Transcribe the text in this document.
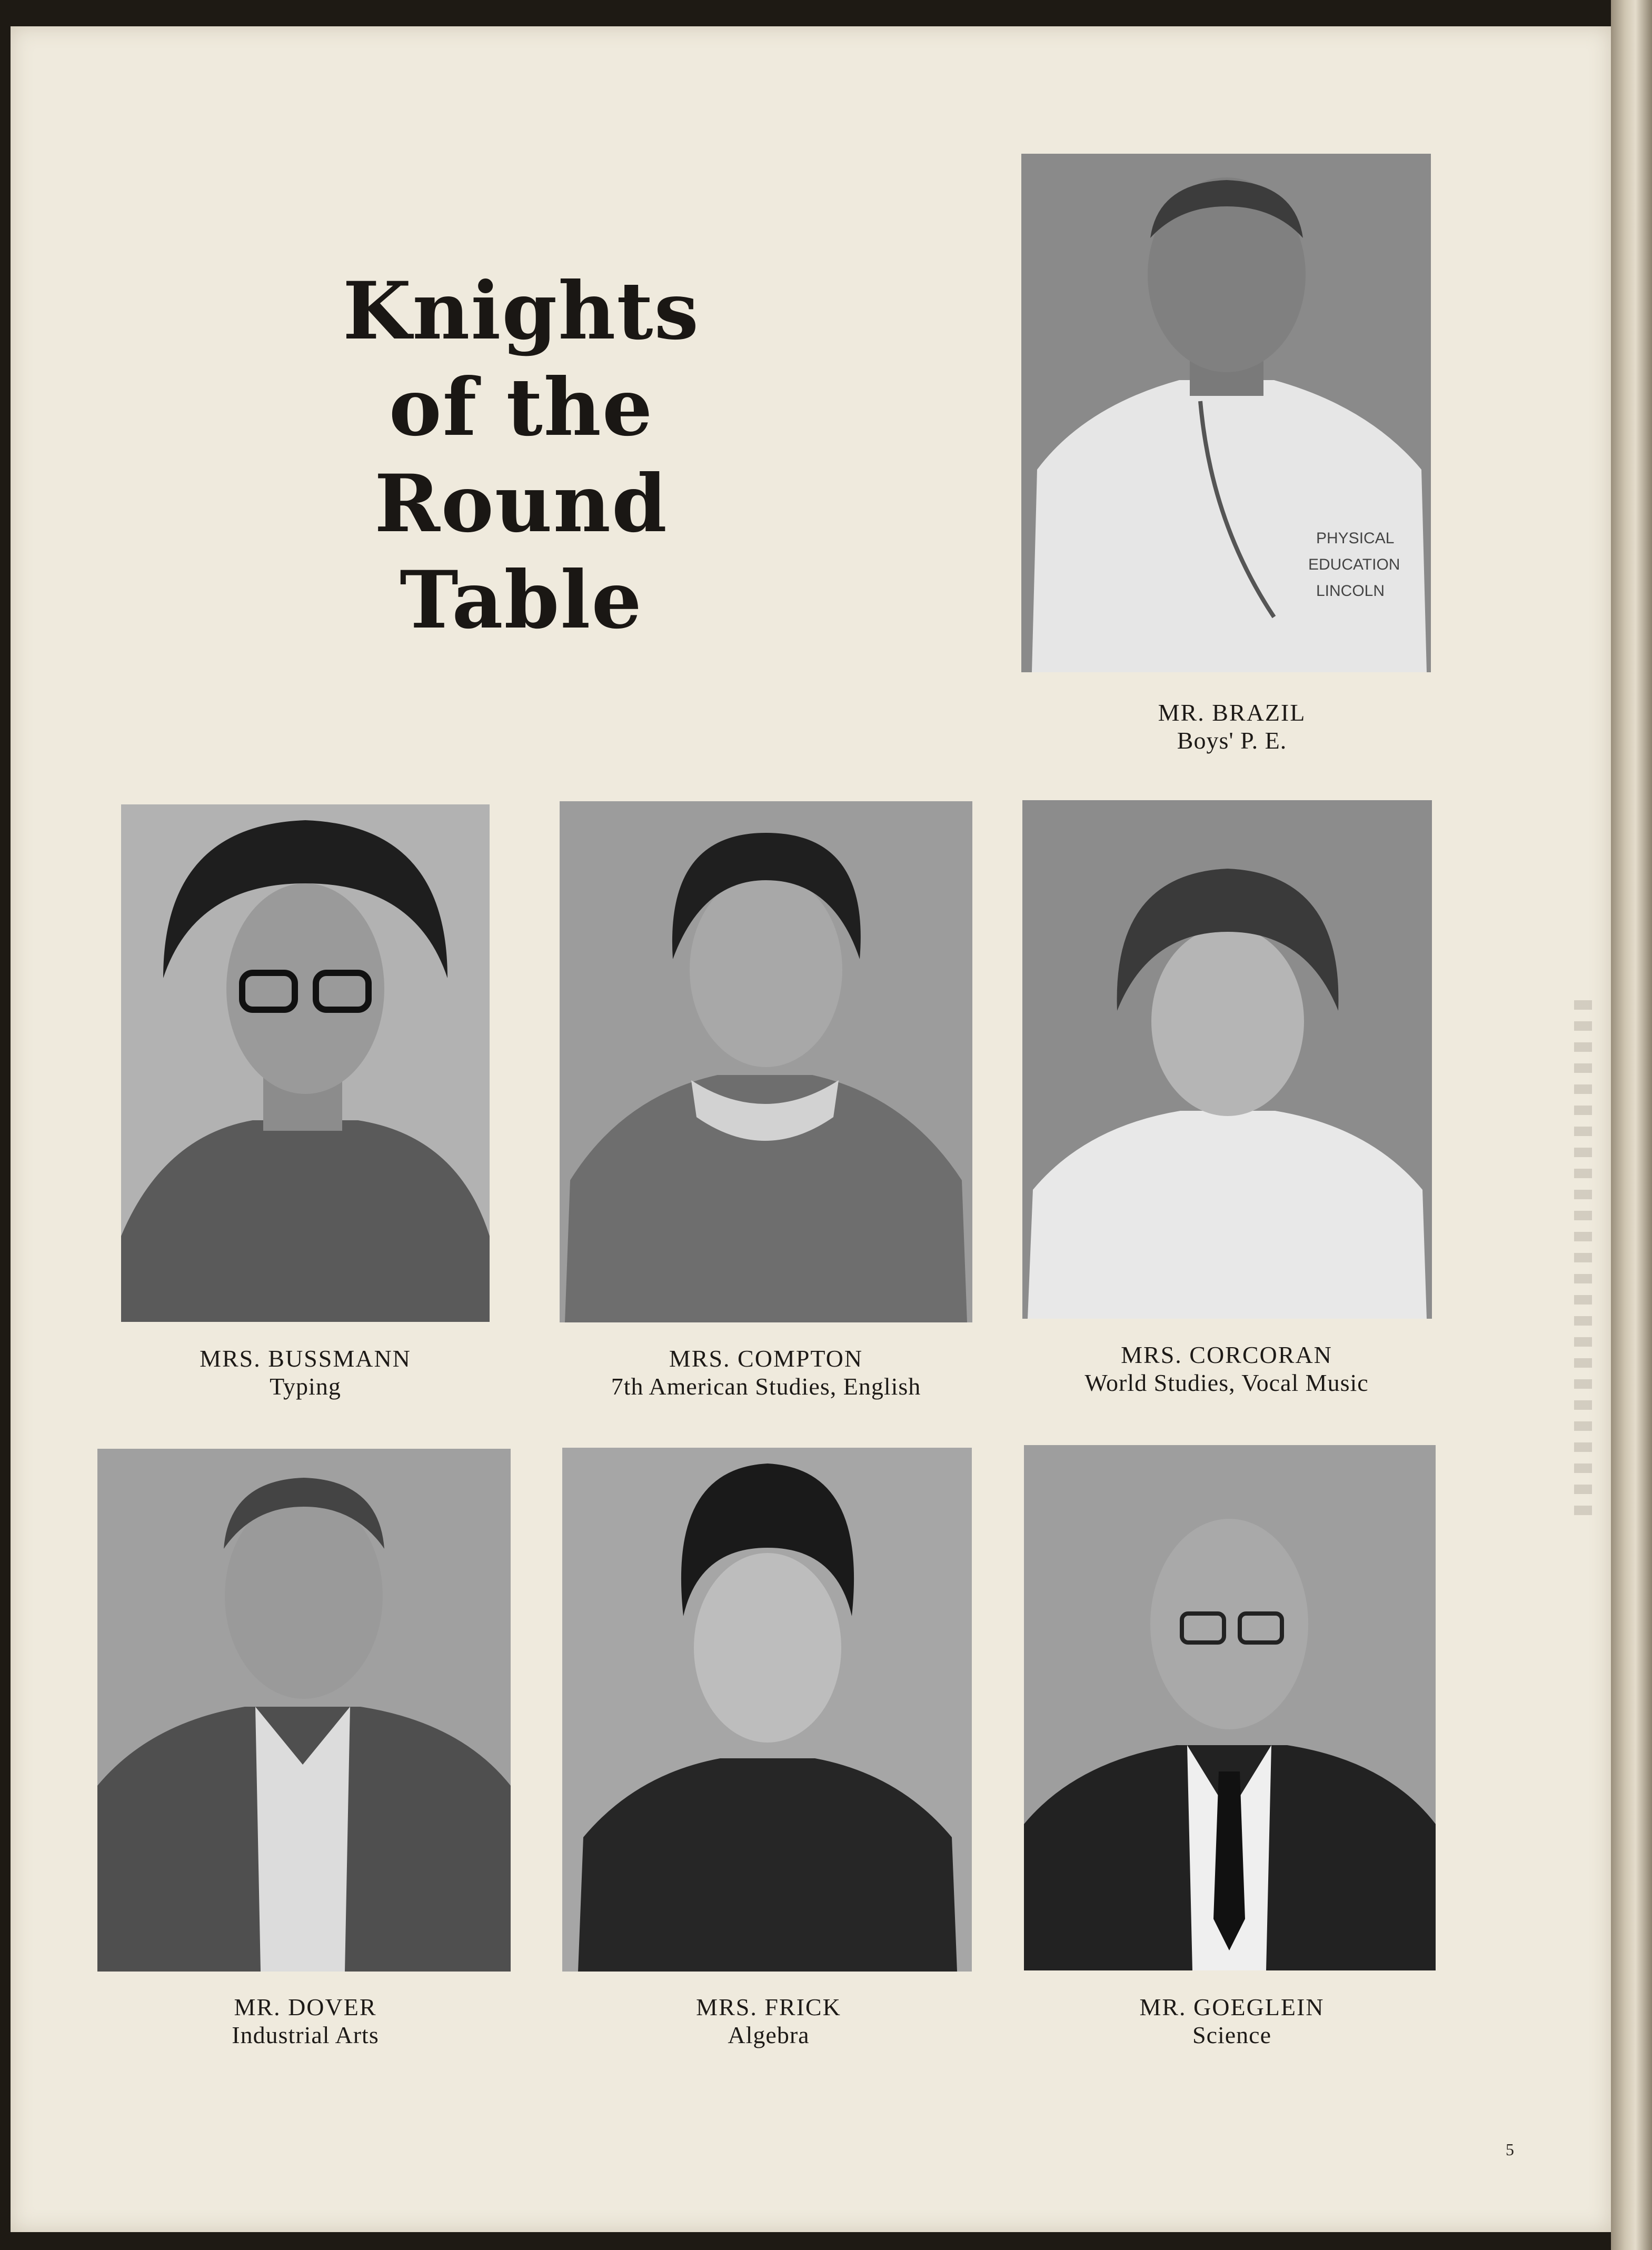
Knights
of the
Round Table
PHYSICAL
EDUCATION
LINCOLN
MR. BRAZIL
Boys' P. E.
MRS. BUSSMANN
Typing
MRS. COMPTON
7th American Studies, English
MRS. CORCORAN
World Studies, Vocal Music
MR. DOVER
Industrial Arts
MRS. FRICK
Algebra
MR. GOEGLEIN
Science
5
